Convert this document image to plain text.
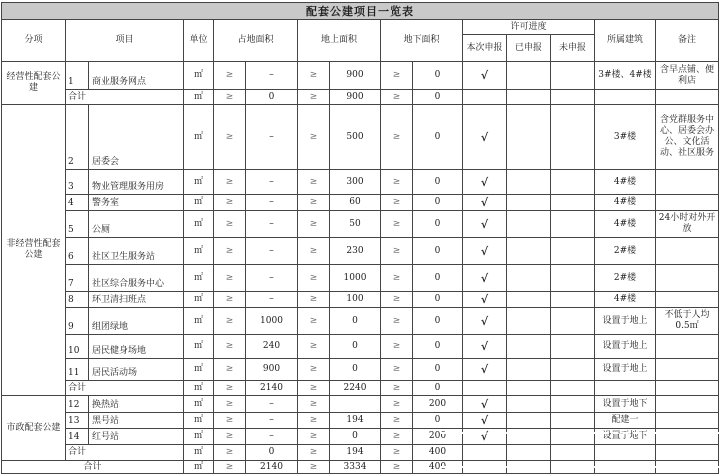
配套公建项目一览表														
分项	项目		单位	占地面积		地上面积		地下面积		许可进度			所属建筑	备注
										本次申报	已申报	未申报		
经营性配套公建	1	商业服务网点	㎡	≥	–	≥	900	≥	0	√			3#楼、4#楼	含早点铺、便利店
	合计		㎡	≥	0	≥	900	≥	0					
非经营性配套公建	2	居委会	㎡	≥	–	≥	500	≥	0	√			3#楼	含党群服务中心、居委会办公、文化活动、社区服务
	3	物业管理服务用房	㎡	≥	–	≥	300	≥	0	√			4#楼	
	4	警务室	㎡	≥	–	≥	60	≥	0	√			4#楼	
	5	公厕	㎡	≥	–	≥	50	≥	0	√			4#楼	24小时对外开放
	6	社区卫生服务站	㎡	≥	–	≥	230	≥	0	√			2#楼	
	7	社区综合服务中心	㎡	≥	–	≥	1000	≥	0	√			2#楼	
	8	环卫清扫班点	㎡	≥	–	≥	100	≥	0	√			4#楼	
	9	组团绿地	㎡	≥	1000	≥	0	≥	0	√			设置于地上	不低于人均0.5㎡
	10	居民健身场地	㎡	≥	240	≥	0	≥	0	√			设置于地上	
	11	居民活动场	㎡	≥	900	≥	0	≥	0	√			设置于地上	
	合计		㎡	≥	2140	≥	2240	≥	0					
市政配套公建	12	换热站	㎡	≥	–	≥		≥	200	√			设置于地下	
	13	黑号站	㎡	≥	–	≥	194	≥	0	√			配建一	
	14	红号站	㎡	≥	–	≥	0	≥	200	√			设置于地下	
	合计		㎡	≥	0	≥	194	≥	400					
合计			㎡	≥	2140	≥	3334	≥	400					
